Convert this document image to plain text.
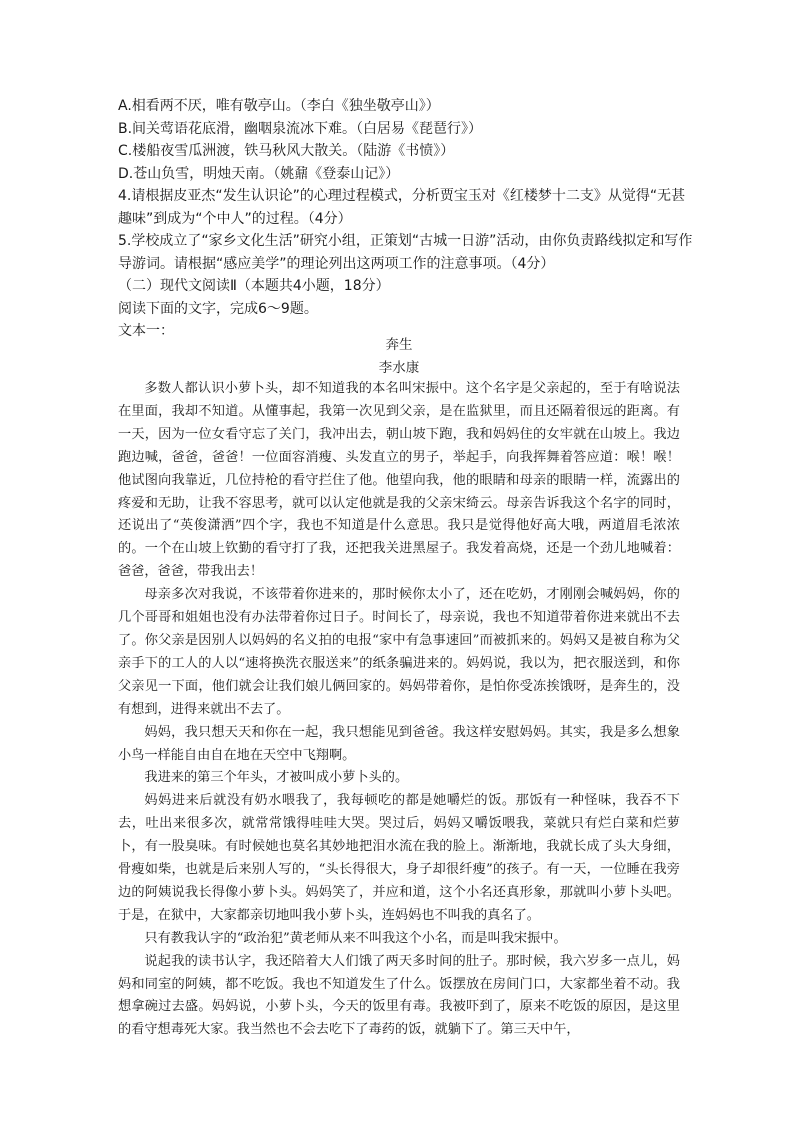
A.相看两不厌，唯有敬亭山。（李白《独坐敬亭山》）
B.间关莺语花底滑，幽咽泉流冰下难。（白居易《琵琶行》）
C.楼船夜雪瓜洲渡，铁马秋风大散关。（陆游《书愤》）
D.苍山负雪，明烛天南。（姚鼐《登泰山记》）
4.请根据皮亚杰“发生认识论”的心理过程模式，分析贾宝玉对《红楼梦十二支》从觉得“无甚趣味”到成为“个中人”的过程。（4分）
5.学校成立了“家乡文化生活”研究小组，正策划“古城一日游”活动，由你负责路线拟定和写作导游词。请根据“感应美学”的理论列出这两项工作的注意事项。（4分）
（二）现代文阅读Ⅱ（本题共4小题，18分）
阅读下面的文字，完成6～9题。
文本一：
奔生
李水康

多数人都认识小萝卜头，却不知道我的本名叫宋振中。这个名字是父亲起的，至于有啥说法在里面，我却不知道。从懂事起，我第一次见到父亲，是在监狱里，而且还隔着很远的距离。有一天，因为一位女看守忘了关门，我冲出去，朝山坡下跑，我和妈妈住的女牢就在山坡上。我边跑边喊，爸爸，爸爸！一位面容消瘦、头发直立的男子，举起手，向我挥舞着答应道：喉！喉！他试图向我靠近，几位持枪的看守拦住了他。他望向我，他的眼睛和母亲的眼睛一样，流露出的疼爱和无助，让我不容思考，就可以认定他就是我的父亲宋绮云。母亲告诉我这个名字的同时，还说出了“英俊潇洒”四个字，我也不知道是什么意思。我只是觉得他好高大哦，两道眉毛浓浓的。一个在山坡上钦勤的看守打了我，还把我关进黑屋子。我发着高烧，还是一个劲儿地喊着：爸爸，爸爸，带我出去！

母亲多次对我说，不该带着你进来的，那时候你太小了，还在吃奶，才刚刚会喊妈妈，你的几个哥哥和姐姐也没有办法带着你过日子。时间长了，母亲说，我也不知道带着你进来就出不去了。你父亲是因别人以妈妈的名义拍的电报“家中有急事速回”而被抓来的。妈妈又是被自称为父亲手下的工人的人以“速将换洗衣服送来”的纸条骗进来的。妈妈说，我以为，把衣服送到，和你父亲见一下面，他们就会让我们娘儿俩回家的。妈妈带着你，是怕你受冻挨饿呀，是奔生的，没有想到，进得来就出不去了。

妈妈，我只想天天和你在一起，我只想能见到爸爸。我这样安慰妈妈。其实，我是多么想象小鸟一样能自由自在地在天空中飞翔啊。

我进来的第三个年头，才被叫成小萝卜头的。

妈妈进来后就没有奶水喂我了，我每顿吃的都是她嚼烂的饭。那饭有一种怪味，我吞不下去，吐出来很多次，就常常饿得哇哇大哭。哭过后，妈妈又嚼饭喂我，菜就只有烂白菜和烂萝卜，有一股臭味。有时候她也莫名其妙地把泪水流在我的脸上。渐渐地，我就长成了头大身细，骨瘦如柴，也就是后来别人写的，“头长得很大，身子却很纤瘦”的孩子。有一天，一位睡在我旁边的阿姨说我长得像小萝卜头。妈妈笑了，并应和道，这个小名还真形象，那就叫小萝卜头吧。于是，在狱中，大家都亲切地叫我小萝卜头，连妈妈也不叫我的真名了。

只有教我认字的“政治犯”黄老师从来不叫我这个小名，而是叫我宋振中。

说起我的读书认字，我还陪着大人们饿了两天多时间的肚子。那时候，我六岁多一点儿，妈妈和同室的阿姨，都不吃饭。我也不知道发生了什么。饭摆放在房间门口，大家都坐着不动。我想拿碗过去盛。妈妈说，小萝卜头，今天的饭里有毒。我被吓到了，原来不吃饭的原因，是这里的看守想毒死大家。我当然也不会去吃下了毒药的饭，就躺下了。第三天中午，
